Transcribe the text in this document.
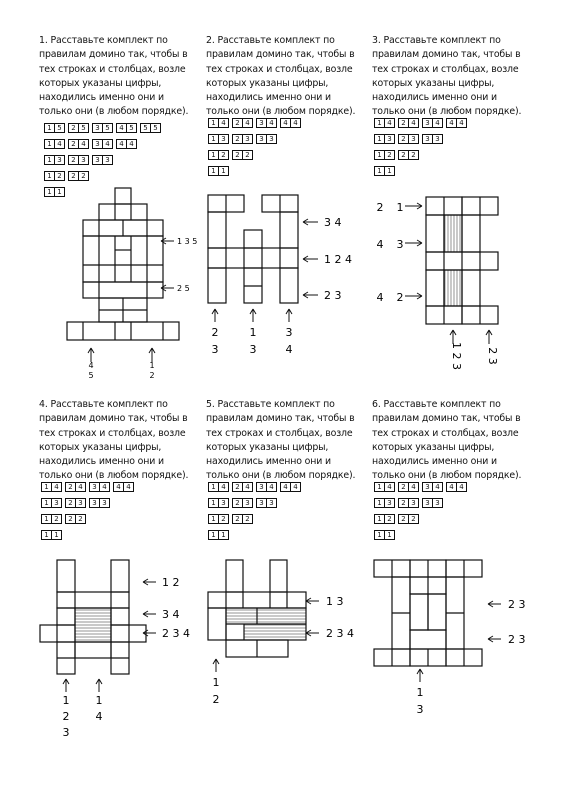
1. Расставьте комплект по
правилам домино так, чтобы в
тех строках и столбцах, возле
которых указаны цифры,
находились именно они и
только они (в любом порядке).
1 5	2 5	3 5	4 5	5 5
1 4	2 4	3 4	4 4
1 3	2 3	3 3
1 2	2 2
1 1
1 3 5
2 5
4
5
1
2
2. Расставьте комплект по
правилам домино так, чтобы в
тех строках и столбцах, возле
которых указаны цифры,
находились именно они и
только они (в любом порядке).
1 4	2 4	3 4	4 4
1 3	2 3	3 3
1 2	2 2
1 1
3 4
1 2 4
2 3
2
3
1
3
3
4
3. Расставьте комплект по
правилам домино так, чтобы в
тех строках и столбцах, возле
которых указаны цифры,
находились именно они и
только они (в любом порядке).
1 4	2 4	3 4	4 4
1 3	2 3	3 3
1 2	2 2
1 1
1
2
3
4
2
4
1 2 3 2 3
4. Расставьте комплект по
правилам домино так, чтобы в
тех строках и столбцах, возле
которых указаны цифры,
находились именно они и
только они (в любом порядке).
1 4	2 4	3 4	4 4
1 3	2 3	3 3
1 2	2 2
1 1
1 2
3 4
2 3 4
1
2
3
1
4
5. Расставьте комплект по
правилам домино так, чтобы в
тех строках и столбцах, возле
которых указаны цифры,
находились именно они и
только они (в любом порядке).
1 4	2 4	3 4	4 4
1 3	2 3	3 3
1 2	2 2
1 1
1 3
2 3 4
1
2
6. Расставьте комплект по
правилам домино так, чтобы в
тех строках и столбцах, возле
которых указаны цифры,
находились именно они и
только они (в любом порядке).
1 4	2 4	3 4	4 4
1 3	2 3	3 3
1 2	2 2
1 1
2 3
2 3
1
3
